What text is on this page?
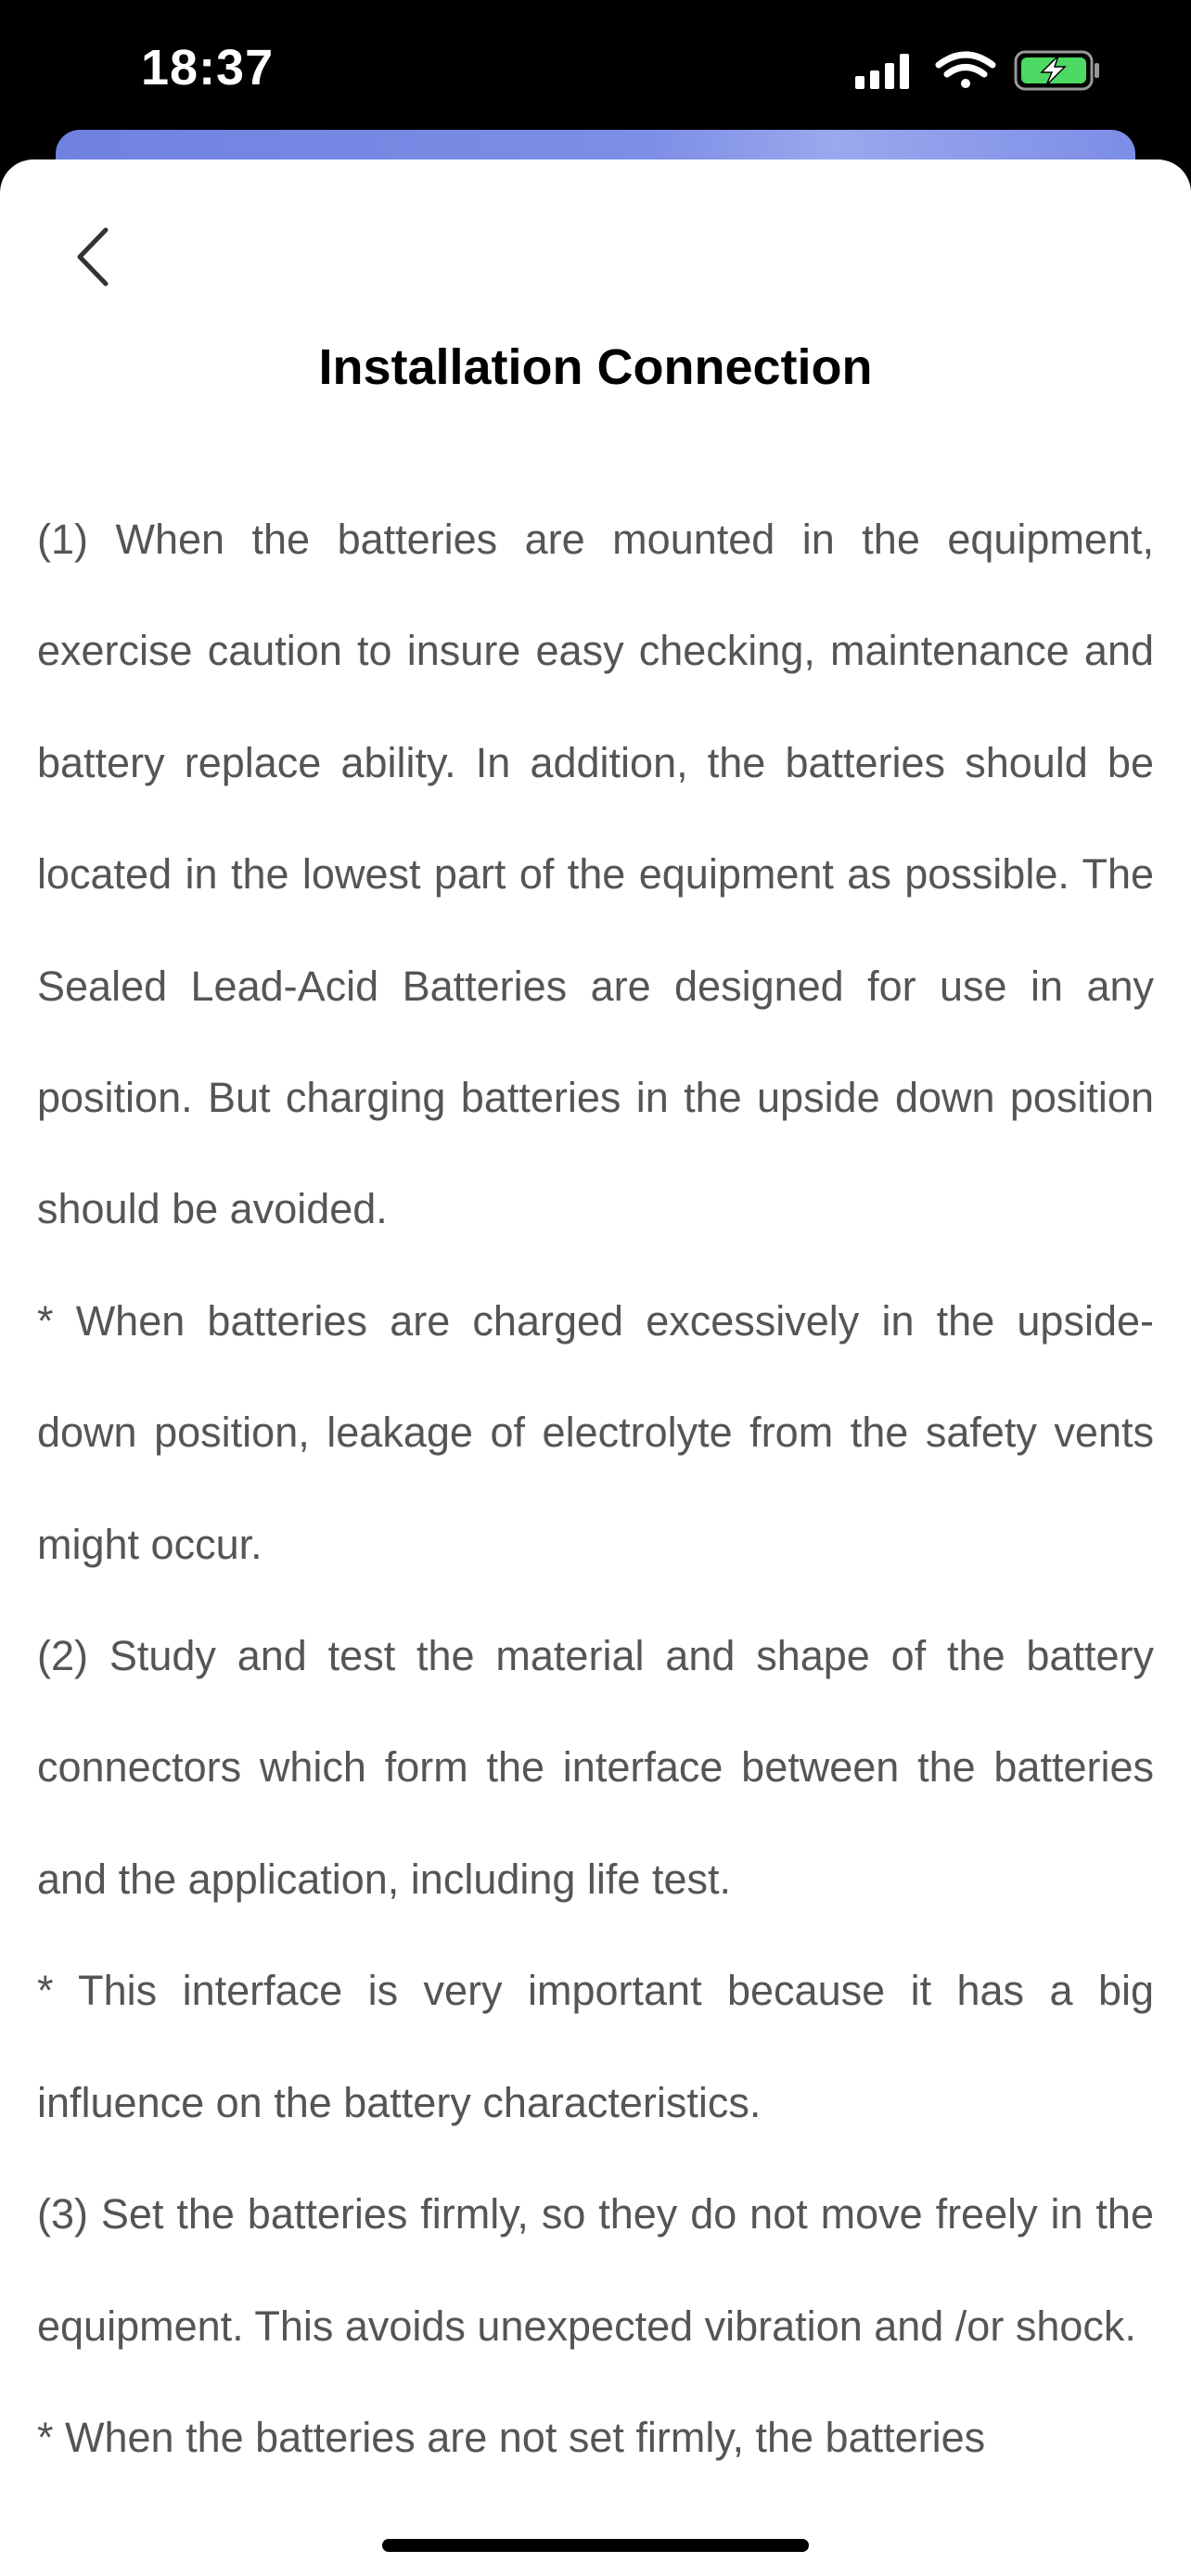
18:37
Installation Connection

(1) When the batteries are mounted in the equipment, exercise caution to insure easy checking, maintenance and battery replace ability. In addition, the batteries should be located in the lowest part of the equipment as possible. The Sealed Lead-Acid Batteries are designed for use in any position. But charging batteries in the upside down position should be avoided.

* When batteries are charged excessively in the upside-down position, leakage of electrolyte from the safety vents might occur.

(2) Study and test the material and shape of the battery connectors which form the interface between the batteries and the application, including life test.

* This interface is very important because it has a big influence on the battery characteristics.

(3) Set the batteries firmly, so they do not move freely in the equipment. This avoids unexpected vibration and /or shock.

* When the batteries are not set firmly, the batteries
